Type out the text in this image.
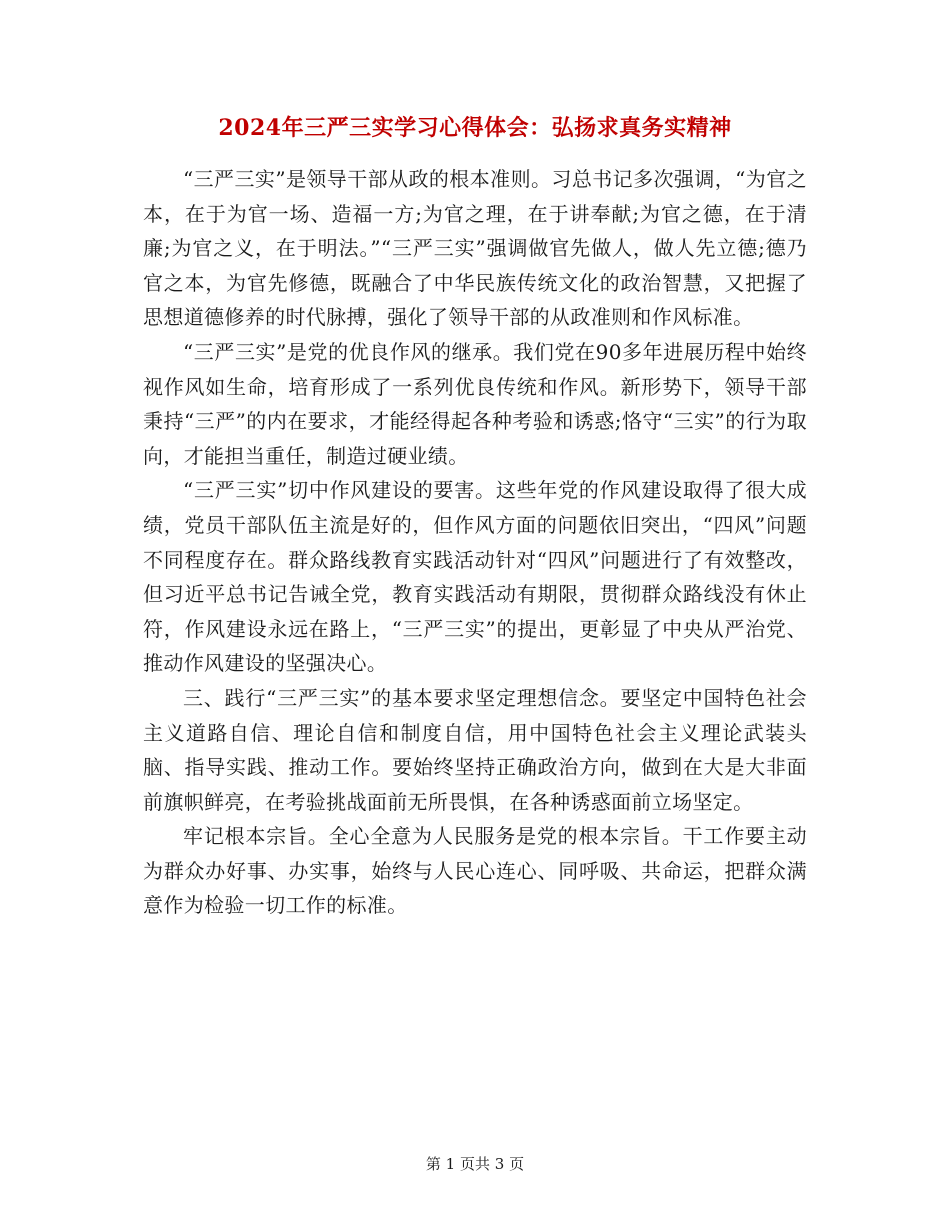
2024年三严三实学习心得体会：弘扬求真务实精神

“三严三实”是领导干部从政的根本准则。习总书记多次强调，“为官之本，在于为官一场、造福一方;为官之理，在于讲奉献;为官之德，在于清廉;为官之义，在于明法。”“三严三实”强调做官先做人，做人先立德;德乃官之本，为官先修德，既融合了中华民族传统文化的政治智慧，又把握了思想道德修养的时代脉搏，强化了领导干部的从政准则和作风标准。

“三严三实”是党的优良作风的继承。我们党在90多年进展历程中始终视作风如生命，培育形成了一系列优良传统和作风。新形势下，领导干部秉持“三严”的内在要求，才能经得起各种考验和诱惑;恪守“三实”的行为取向，才能担当重任，制造过硬业绩。

“三严三实”切中作风建设的要害。这些年党的作风建设取得了很大成绩，党员干部队伍主流是好的，但作风方面的问题依旧突出，“四风”问题不同程度存在。群众路线教育实践活动针对“四风”问题进行了有效整改，但习近平总书记告诫全党，教育实践活动有期限，贯彻群众路线没有休止符，作风建设永远在路上，“三严三实”的提出，更彰显了中央从严治党、推动作风建设的坚强决心。

三、践行“三严三实”的基本要求坚定理想信念。要坚定中国特色社会主义道路自信、理论自信和制度自信，用中国特色社会主义理论武装头脑、指导实践、推动工作。要始终坚持正确政治方向，做到在大是大非面前旗帜鲜亮，在考验挑战面前无所畏惧，在各种诱惑面前立场坚定。

牢记根本宗旨。全心全意为人民服务是党的根本宗旨。干工作要主动为群众办好事、办实事，始终与人民心连心、同呼吸、共命运，把群众满意作为检验一切工作的标准。

第 1 页共 3 页
